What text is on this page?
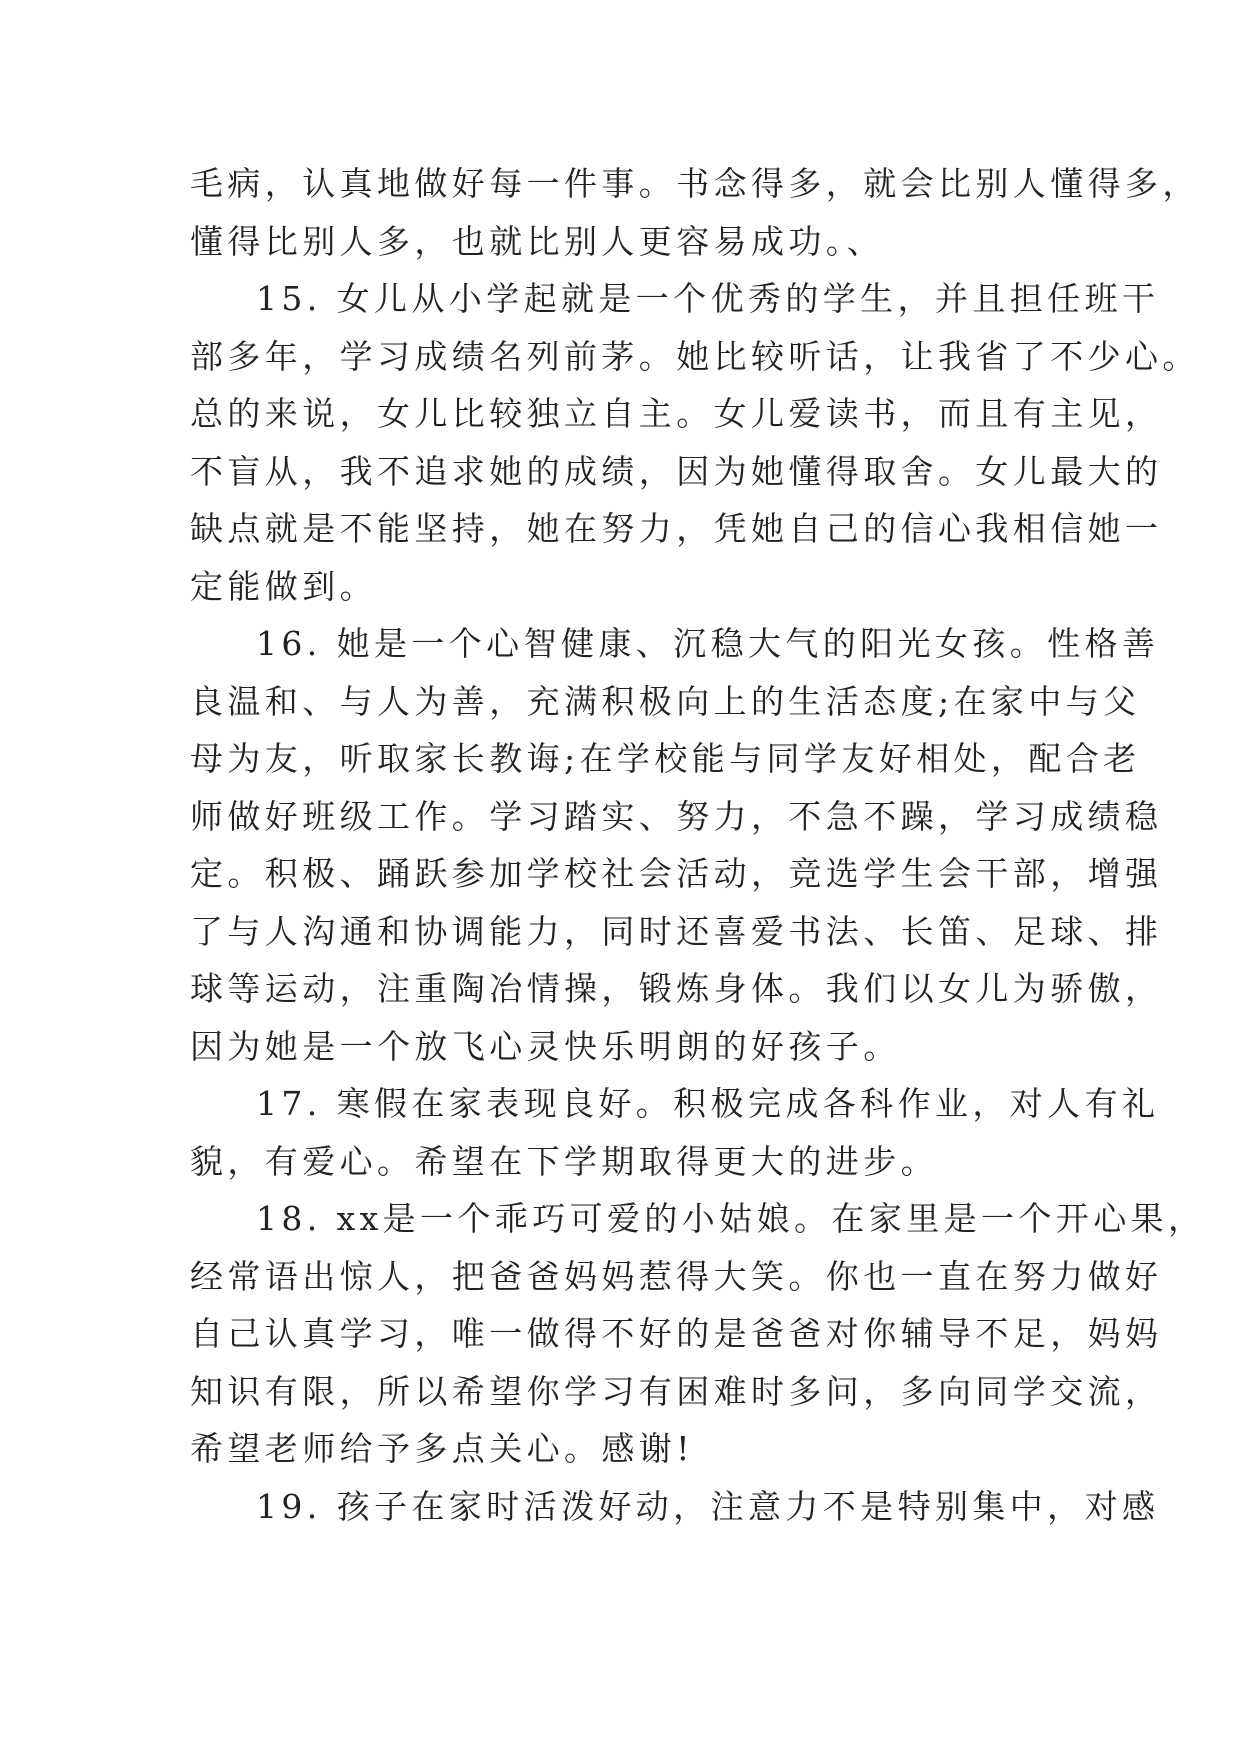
毛病，认真地做好每一件事。书念得多，就会比别人懂得多，
懂得比别人多，也就比别人更容易成功。、
15. 女儿从小学起就是一个优秀的学生，并且担任班干
部多年，学习成绩名列前茅。她比较听话，让我省了不少心。
总的来说，女儿比较独立自主。女儿爱读书，而且有主见，
不盲从，我不追求她的成绩，因为她懂得取舍。女儿最大的
缺点就是不能坚持，她在努力，凭她自己的信心我相信她一
定能做到。
16. 她是一个心智健康、沉稳大气的阳光女孩。性格善
良温和、与人为善，充满积极向上的生活态度;在家中与父
母为友，听取家长教诲;在学校能与同学友好相处，配合老
师做好班级工作。学习踏实、努力，不急不躁，学习成绩稳
定。积极、踊跃参加学校社会活动，竞选学生会干部，增强
了与人沟通和协调能力，同时还喜爱书法、长笛、足球、排
球等运动，注重陶冶情操，锻炼身体。我们以女儿为骄傲，
因为她是一个放飞心灵快乐明朗的好孩子。
17. 寒假在家表现良好。积极完成各科作业，对人有礼
貌，有爱心。希望在下学期取得更大的进步。
18. xx是一个乖巧可爱的小姑娘。在家里是一个开心果，
经常语出惊人，把爸爸妈妈惹得大笑。你也一直在努力做好
自己认真学习，唯一做得不好的是爸爸对你辅导不足，妈妈
知识有限，所以希望你学习有困难时多问，多向同学交流，
希望老师给予多点关心。感谢!
19. 孩子在家时活泼好动，注意力不是特别集中，对感
